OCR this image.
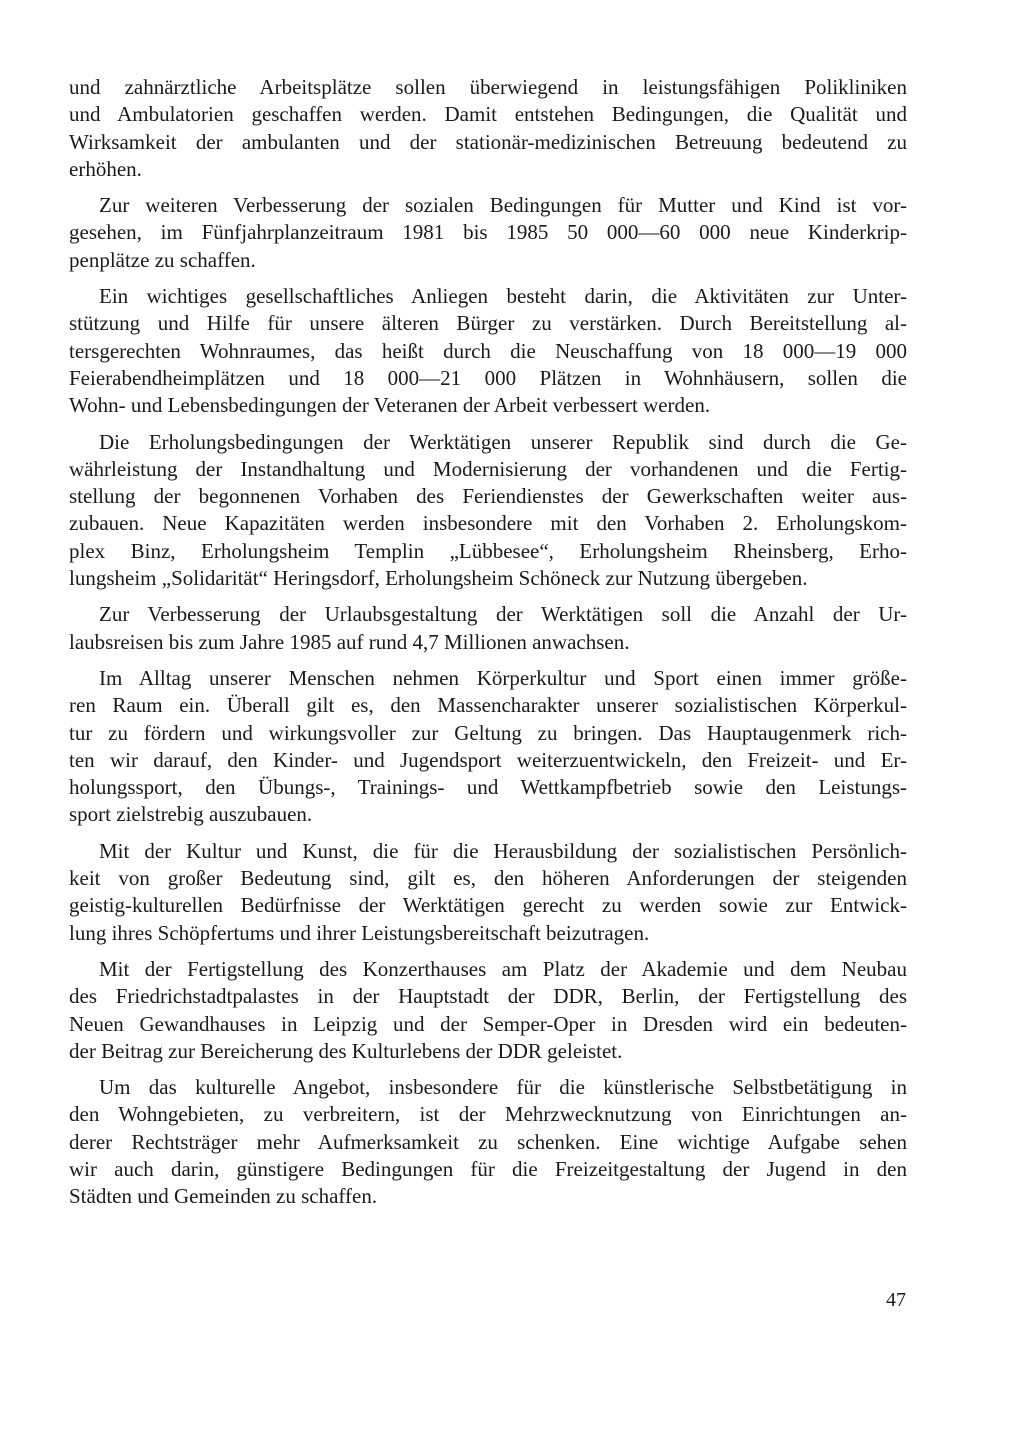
und zahnärztliche Arbeitsplätze sollen überwiegend in leistungsfähigen Polikliniken
und Ambulatorien geschaffen werden. Damit entstehen Bedingungen, die Qualität und
Wirksamkeit der ambulanten und der stationär-medizinischen Betreuung bedeutend zu
erhöhen.

Zur weiteren Verbesserung der sozialen Bedingungen für Mutter und Kind ist vor-
gesehen, im Fünfjahrplanzeitraum 1981 bis 1985 50 000—60 000 neue Kinderkrip-
penplätze zu schaffen.

Ein wichtiges gesellschaftliches Anliegen besteht darin, die Aktivitäten zur Unter-
stützung und Hilfe für unsere älteren Bürger zu verstärken. Durch Bereitstellung al-
tersgerechten Wohnraumes, das heißt durch die Neuschaffung von 18 000—19 000
Feierabendheimplätzen und 18 000—21 000 Plätzen in Wohnhäusern, sollen die
Wohn- und Lebensbedingungen der Veteranen der Arbeit verbessert werden.

Die Erholungsbedingungen der Werktätigen unserer Republik sind durch die Ge-
währleistung der Instandhaltung und Modernisierung der vorhandenen und die Fertig-
stellung der begonnenen Vorhaben des Feriendienstes der Gewerkschaften weiter aus-
zubauen. Neue Kapazitäten werden insbesondere mit den Vorhaben 2. Erholungskom-
plex Binz, Erholungsheim Templin „Lübbesee“, Erholungsheim Rheinsberg, Erho-
lungsheim „Solidarität“ Heringsdorf, Erholungsheim Schöneck zur Nutzung übergeben.

Zur Verbesserung der Urlaubsgestaltung der Werktätigen soll die Anzahl der Ur-
laubsreisen bis zum Jahre 1985 auf rund 4,7 Millionen anwachsen.

Im Alltag unserer Menschen nehmen Körperkultur und Sport einen immer größe-
ren Raum ein. Überall gilt es, den Massencharakter unserer sozialistischen Körperkul-
tur zu fördern und wirkungsvoller zur Geltung zu bringen. Das Hauptaugenmerk rich-
ten wir darauf, den Kinder- und Jugendsport weiterzuentwickeln, den Freizeit- und Er-
holungssport, den Übungs-, Trainings- und Wettkampfbetrieb sowie den Leistungs-
sport zielstrebig auszubauen.

Mit der Kultur und Kunst, die für die Herausbildung der sozialistischen Persönlich-
keit von großer Bedeutung sind, gilt es, den höheren Anforderungen der steigenden
geistig-kulturellen Bedürfnisse der Werktätigen gerecht zu werden sowie zur Entwick-
lung ihres Schöpfertums und ihrer Leistungsbereitschaft beizutragen.

Mit der Fertigstellung des Konzerthauses am Platz der Akademie und dem Neubau
des Friedrichstadtpalastes in der Hauptstadt der DDR, Berlin, der Fertigstellung des
Neuen Gewandhauses in Leipzig und der Semper-Oper in Dresden wird ein bedeuten-
der Beitrag zur Bereicherung des Kulturlebens der DDR geleistet.

Um das kulturelle Angebot, insbesondere für die künstlerische Selbstbetätigung in
den Wohngebieten, zu verbreitern, ist der Mehrzwecknutzung von Einrichtungen an-
derer Rechtsträger mehr Aufmerksamkeit zu schenken. Eine wichtige Aufgabe sehen
wir auch darin, günstigere Bedingungen für die Freizeitgestaltung der Jugend in den
Städten und Gemeinden zu schaffen.

47
